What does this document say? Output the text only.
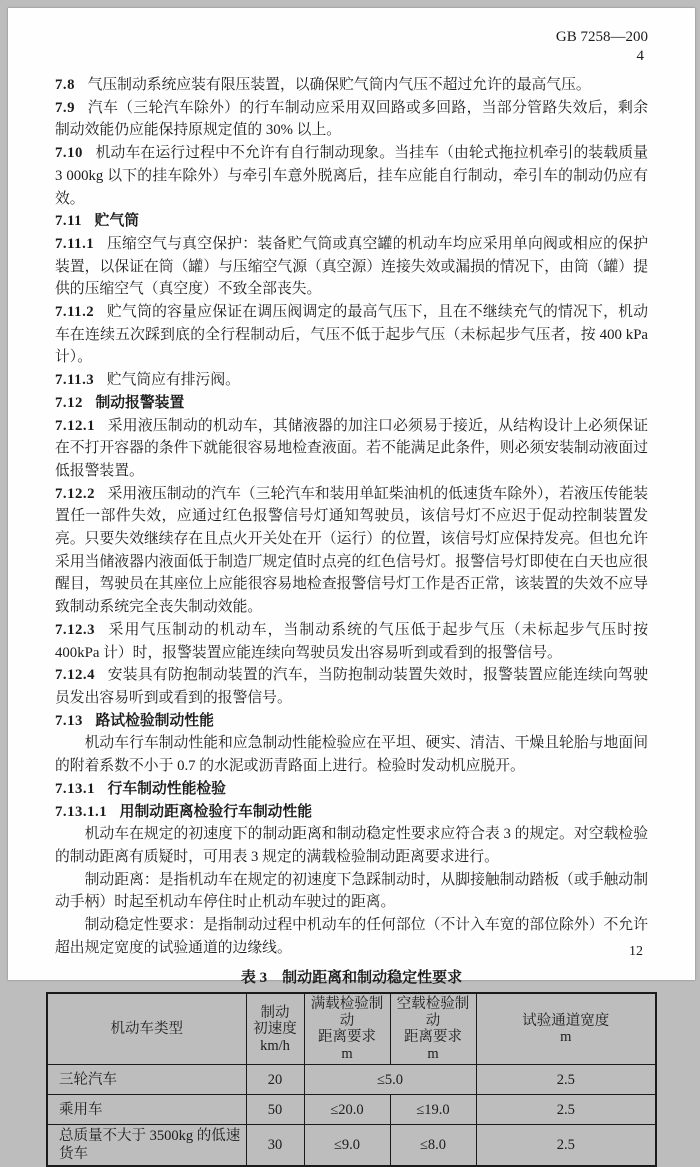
GB 7258—200
4

7.8 气压制动系统应装有限压装置，以确保贮气筒内气压不超过允许的最高气压。

7.9 汽车（三轮汽车除外）的行车制动应采用双回路或多回路，当部分管路失效后，剩余制动效能仍应能保持原规定值的 30% 以上。

7.10 机动车在运行过程中不允许有自行制动现象。当挂车（由轮式拖拉机牵引的装载质量 3 000kg 以下的挂车除外）与牵引车意外脱离后，挂车应能自行制动，牵引车的制动仍应有效。

7.11 贮气筒

7.11.1 压缩空气与真空保护：装备贮气筒或真空罐的机动车均应采用单向阀或相应的保护装置，以保证在筒（罐）与压缩空气源（真空源）连接失效或漏损的情况下，由筒（罐）提供的压缩空气（真空度）不致全部丧失。

7.11.2 贮气筒的容量应保证在调压阀调定的最高气压下，且在不继续充气的情况下，机动车在连续五次踩到底的全行程制动后，气压不低于起步气压（未标起步气压者，按 400 kPa 计）。

7.11.3 贮气筒应有排污阀。

7.12 制动报警装置

7.12.1 采用液压制动的机动车，其储液器的加注口必须易于接近，从结构设计上必须保证在不打开容器的条件下就能很容易地检查液面。若不能满足此条件，则必须安装制动液面过低报警装置。

7.12.2 采用液压制动的汽车（三轮汽车和装用单缸柴油机的低速货车除外），若液压传能装置任一部件失效，应通过红色报警信号灯通知驾驶员，该信号灯不应迟于促动控制装置发亮。只要失效继续存在且点火开关处在开（运行）的位置，该信号灯应保持发亮。但也允许采用当储液器内液面低于制造厂规定值时点亮的红色信号灯。报警信号灯即使在白天也应很醒目，驾驶员在其座位上应能很容易地检查报警信号灯工作是否正常，该装置的失效不应导致制动系统完全丧失制动效能。

7.12.3 采用气压制动的机动车，当制动系统的气压低于起步气压（未标起步气压时按 400kPa 计）时，报警装置应能连续向驾驶员发出容易听到或看到的报警信号。

7.12.4 安装具有防抱制动装置的汽车，当防抱制动装置失效时，报警装置应能连续向驾驶员发出容易听到或看到的报警信号。

7.13 路试检验制动性能

机动车行车制动性能和应急制动性能检验应在平坦、硬实、清洁、干燥且轮胎与地面间的附着系数不小于 0.7 的水泥或沥青路面上进行。检验时发动机应脱开。

7.13.1 行车制动性能检验

7.13.1.1 用制动距离检验行车制动性能

机动车在规定的初速度下的制动距离和制动稳定性要求应符合表 3 的规定。对空载检验的制动距离有质疑时，可用表 3 规定的满载检验制动距离要求进行。

制动距离：是指机动车在规定的初速度下急踩制动时，从脚接触制动踏板（或手触动制动手柄）时起至机动车停住时止机动车驶过的距离。

制动稳定性要求：是指制动过程中机动车的任何部位（不计入车宽的部位除外）不允许超出规定宽度的试验通道的边缘线。

表 3　制动距离和制动稳定性要求
机动车类型	制动
初速度
km/h	满载检验制动
距离要求
m	空载检验制动
距离要求
m	试验通道宽度
m
三轮汽车	20	≤5.0		2.5
乘用车	50	≤20.0	≤19.0	2.5
总质量不大于 3500kg 的低速货车	30	≤9.0	≤8.0	2.5
12
